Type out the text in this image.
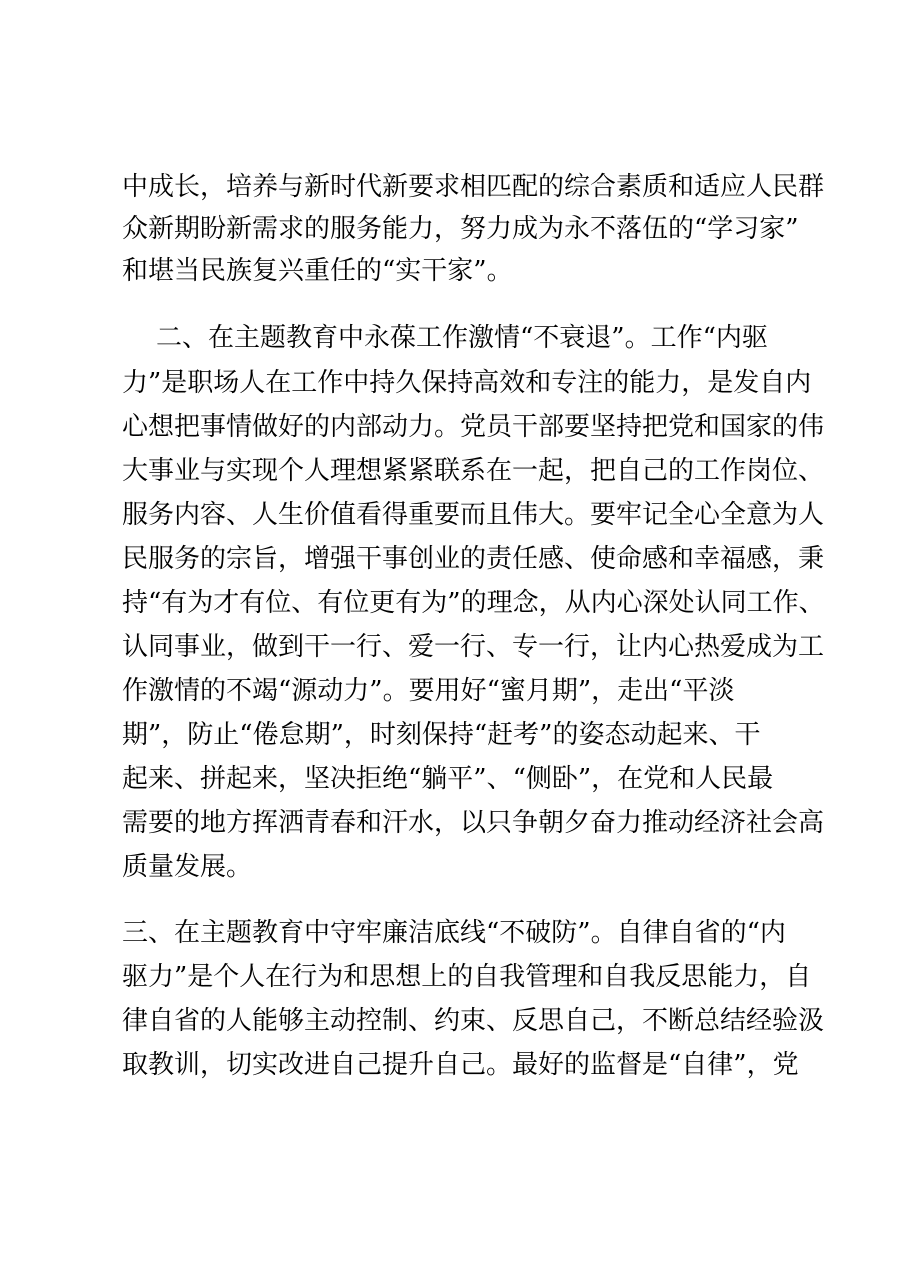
中成长，培养与新时代新要求相匹配的综合素质和适应人民群
众新期盼新需求的服务能力，努力成为永不落伍的“学习家”
和堪当民族复兴重任的“实干家”。
二、在主题教育中永葆工作激情“不衰退”。工作“内驱
力”是职场人在工作中持久保持高效和专注的能力，是发自内
心想把事情做好的内部动力。党员干部要坚持把党和国家的伟
大事业与实现个人理想紧紧联系在一起，把自己的工作岗位、
服务内容、人生价值看得重要而且伟大。要牢记全心全意为人
民服务的宗旨，增强干事创业的责任感、使命感和幸福感，秉
持“有为才有位、有位更有为”的理念，从内心深处认同工作、
认同事业，做到干一行、爱一行、专一行，让内心热爱成为工
作激情的不竭“源动力”。要用好“蜜月期”，走出“平淡
期”，防止“倦怠期”，时刻保持“赶考”的姿态动起来、干
起来、拼起来，坚决拒绝“躺平”、“侧卧”，在党和人民最
需要的地方挥洒青春和汗水，以只争朝夕奋力推动经济社会高
质量发展。
三、在主题教育中守牢廉洁底线“不破防”。自律自省的“内
驱力”是个人在行为和思想上的自我管理和自我反思能力，自
律自省的人能够主动控制、约束、反思自己，不断总结经验汲
取教训，切实改进自己提升自己。最好的监督是“自律”，党
